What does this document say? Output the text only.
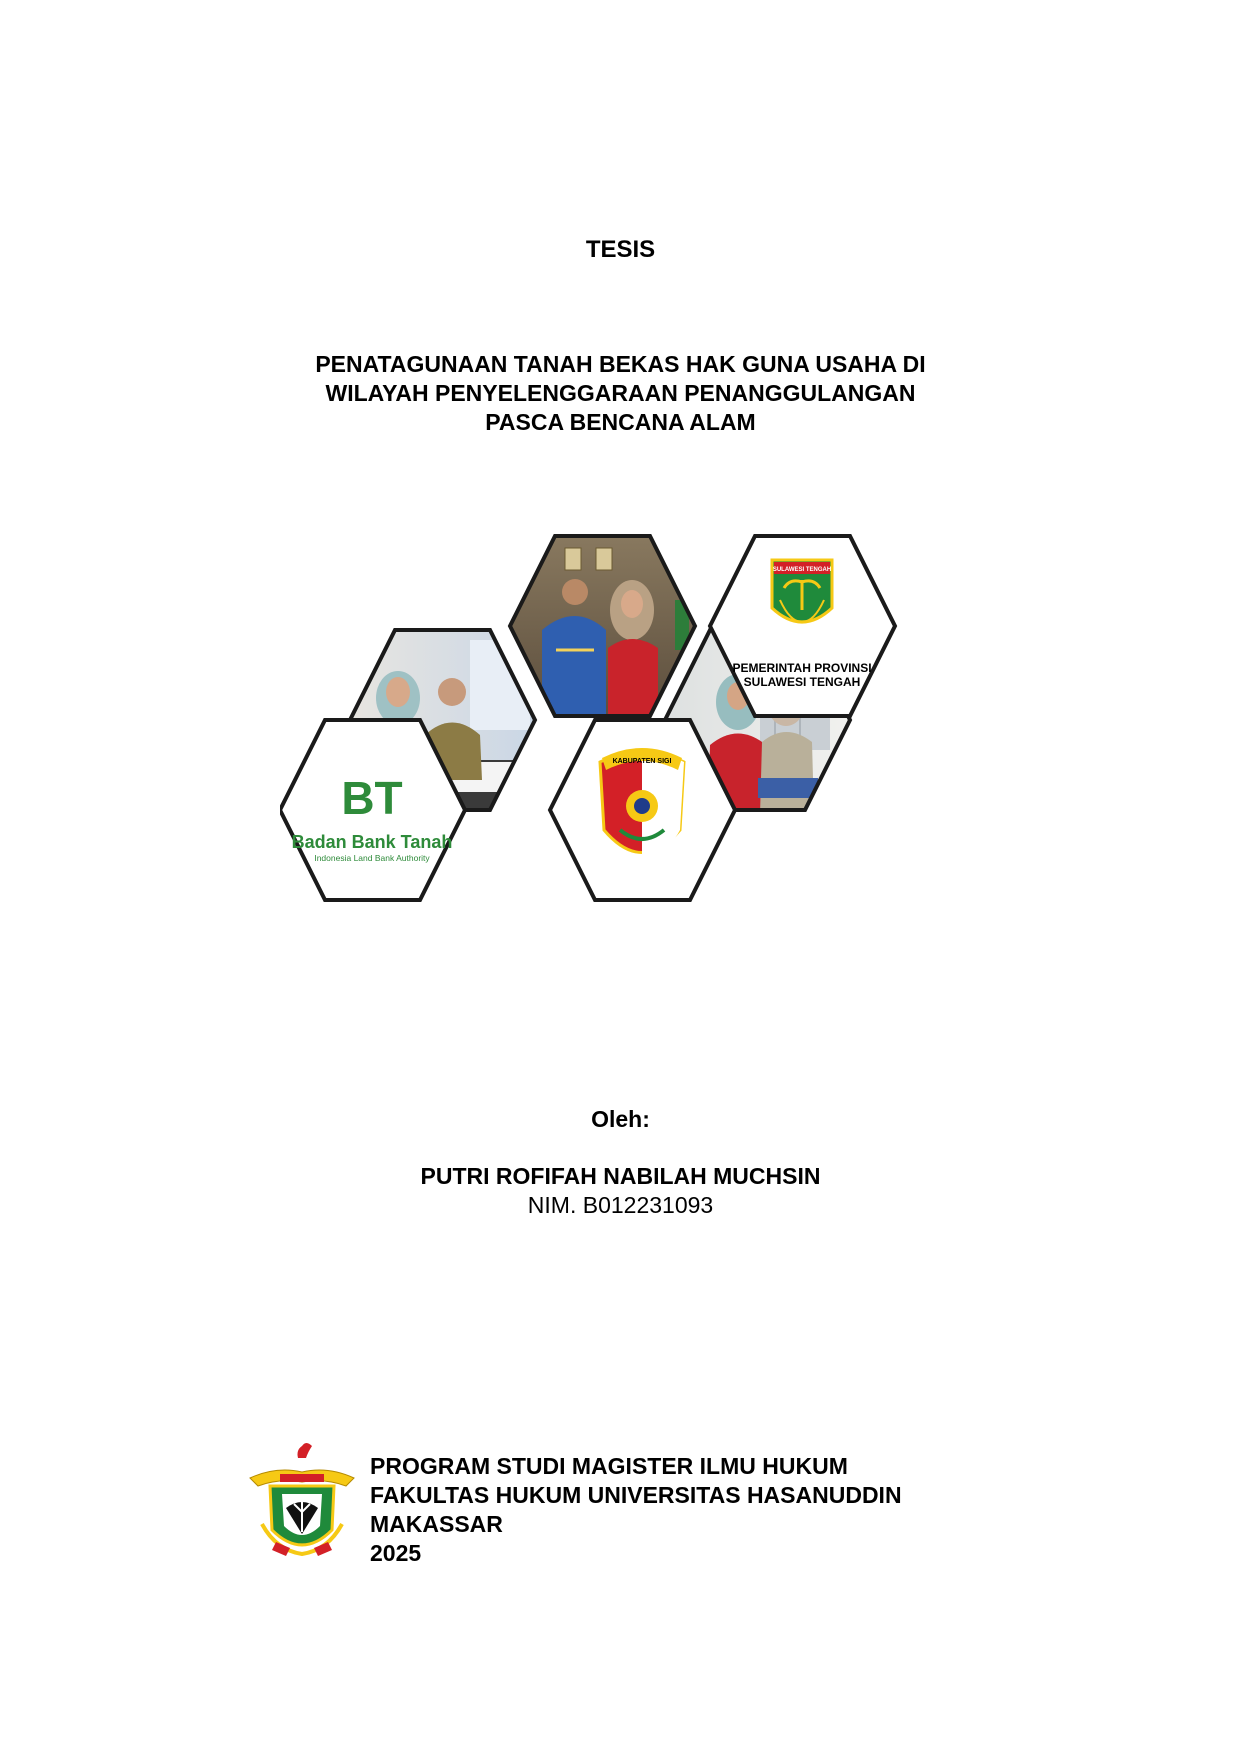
TESIS
PENATAGUNAAN TANAH BEKAS HAK GUNA USAHA DI
WILAYAH PENYELENGGARAAN PENANGGULANGAN
PASCA BENCANA ALAM
BT
Badan Bank Tanah
Indonesia Land Bank Authority
SULAWESI TENGAH
PEMERINTAH PROVINSI
SULAWESI TENGAH
KABUPATEN SIGI
Oleh:
PUTRI ROFIFAH NABILAH MUCHSIN
NIM. B012231093
PROGRAM STUDI MAGISTER ILMU HUKUM
FAKULTAS HUKUM UNIVERSITAS HASANUDDIN
MAKASSAR
2025
